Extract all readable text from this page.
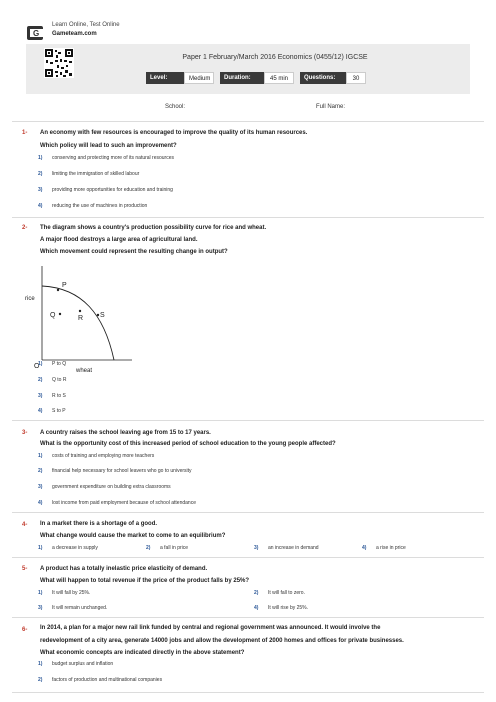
G
Learn Online, Test Online
Gameteam.com
Paper 1 February/March 2016 Economics (0455/12) IGCSE
Level:	Medium	Duration:	45 min	Questions:	30
School:	Full Name:
1- An economy with few resources is encouraged to improve the quality of its human resources.
Which policy will lead to such an improvement?
1) conserving and protecting more of its natural resources
2) limiting the immigration of skilled labour
3) providing more opportunities for education and training
4) reducing the use of machines in production
2- The diagram shows a country's production possibility curve for rice and wheat.
A major flood destroys a large area of agricultural land.
Which movement could represent the resulting change in output?
P
Q	R S
rice
wheat
O
1) P to Q
2) Q to R
3) R to S
4) S to P
3- A country raises the school leaving age from 15 to 17 years.
What is the opportunity cost of this increased period of school education to the young people affected?
1) costs of training and employing more teachers
2) financial help necessary for school leavers who go to university
3) government expenditure on building extra classrooms
4) lost income from paid employment because of school attendance
4- In a market there is a shortage of a good.
What change would cause the market to come to an equilibrium?
1) a decrease in supply	2) a fall in price	3) an increase in demand	4) a rise in price
5- A product has a totally inelastic price elasticity of demand.
What will happen to total revenue if the price of the product falls by 25%?
1) It will fall by 25%.	2) It will fall to zero.
3) It will remain unchanged.	4) It will rise by 25%.
6- In 2014, a plan for a major new rail link funded by central and regional government was announced. It would involve the
redevelopment of a city area, generate 14000 jobs and allow the development of 2000 homes and offices for private businesses.
What economic concepts are indicated directly in the above statement?
1) budget surplus and inflation
2) factors of production and multinational companies
